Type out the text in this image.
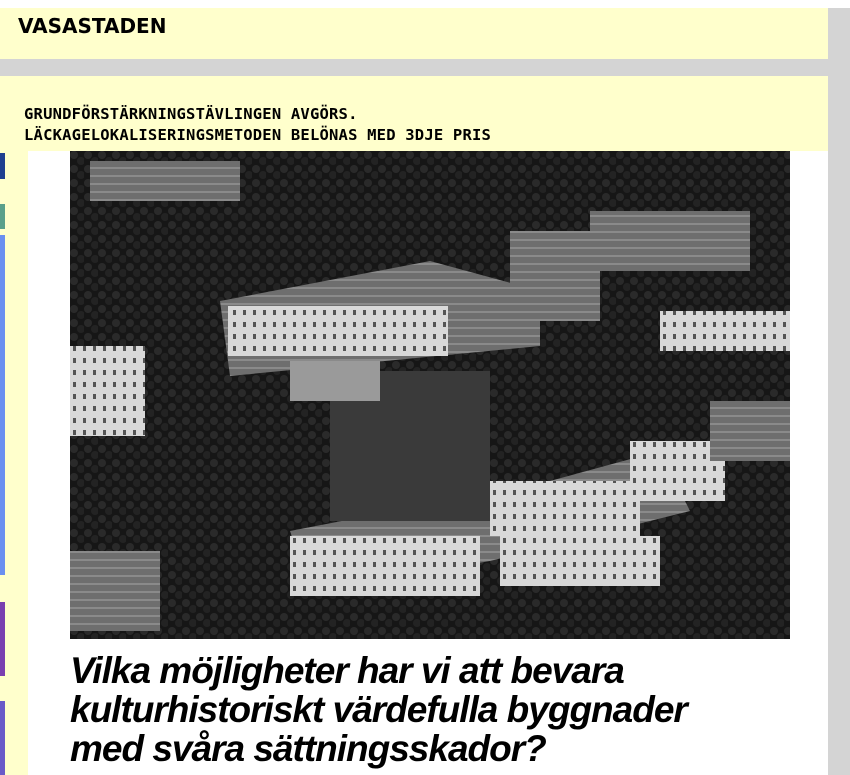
VASASTADEN
GRUNDFÖRSTÄRKNINGSTÄVLINGEN AVGÖRS.
LÄCKAGELOKALISERINGSMETODEN BELÖNAS MED 3DJE PRIS
Vilka möjligheter har vi att bevara
kulturhistoriskt värdefulla byggnader
med svåra sättningsskador?
